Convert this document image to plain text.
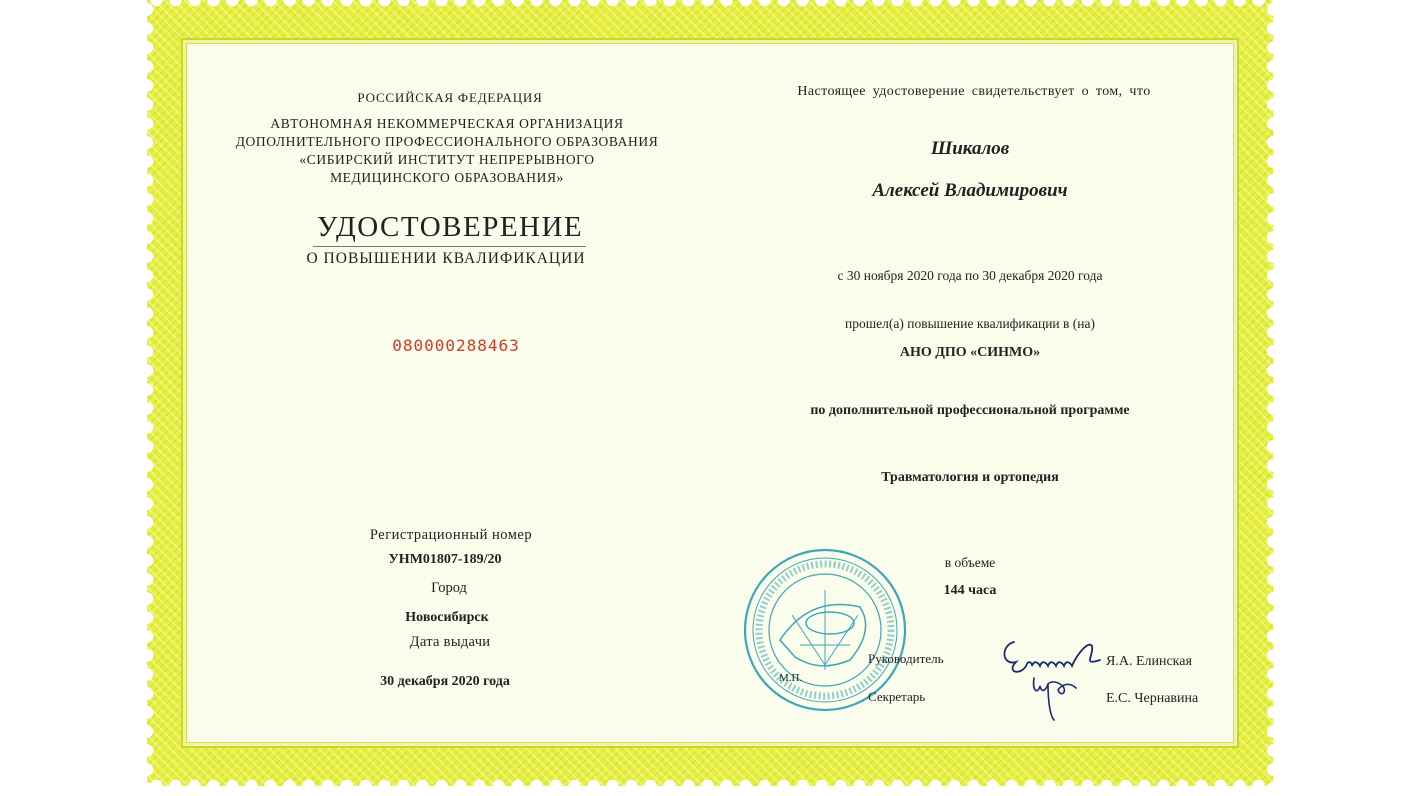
РОССИЙСКАЯ ФЕДЕРАЦИЯ
АВТОНОМНАЯ НЕКОММЕРЧЕСКАЯ ОРГАНИЗАЦИЯ
ДОПОЛНИТЕЛЬНОГО ПРОФЕССИОНАЛЬНОГО ОБРАЗОВАНИЯ
«СИБИРСКИЙ ИНСТИТУТ НЕПРЕРЫВНОГО
МЕДИЦИНСКОГО ОБРАЗОВАНИЯ»
УДОСТОВЕРЕНИЕ
О ПОВЫШЕНИИ КВАЛИФИКАЦИИ
080000288463
Регистрационный номер
УНМ01807-189/20
Город
Новосибирск
Дата выдачи
30 декабря 2020 года
Настоящее удостоверение свидетельствует о том, что
Шикалов
Алексей Владимирович
с 30 ноября 2020 года по 30 декабря 2020 года
прошел(а) повышение квалификации в (на)
АНО ДПО «СИНМО»
по дополнительной профессиональной программе
Травматология и ортопедия
в объеме
144 часа
Руководитель
М.П.
Секретарь
Я.А. Елинская
Е.С. Чернавина
